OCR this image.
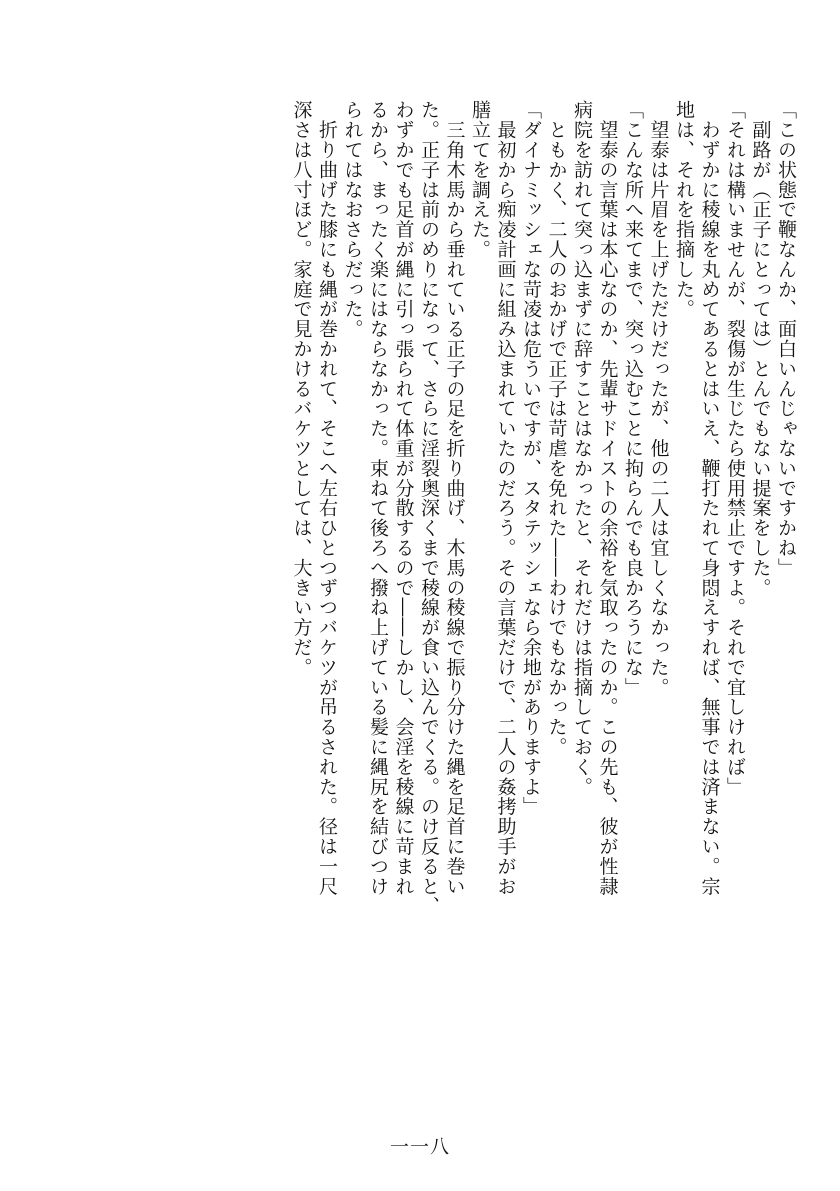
「この状態で鞭なんか、面白いんじゃないですかね」

　副路が（正子にとっては）とんでもない提案をした。

「それは構いませんが、裂傷が生じたら使用禁止ですよ。それで宜しければ」

　わずかに稜線を丸めてあるとはいえ、鞭打たれて身悶えすれば、無事では済まない。宗

地は、それを指摘した。

　望泰は片眉を上げただけだったが、他の二人は宜しくなかった。

「こんな所へ来てまで、突っ込むことに拘らんでも良かろうにな」

　望泰の言葉は本心なのか、先輩サドイストの余裕を気取ったのか。この先も、彼が性隷

病院を訪れて突っ込まずに辞すことはなかったと、それだけは指摘しておく。

　ともかく、二人のおかげで正子は苛虐を免れた――わけでもなかった。

「ダイナミッシェな苛凌は危ういですが、スタテッシェなら余地がありますよ」

　最初から痴凌計画に組み込まれていたのだろう。その言葉だけで、二人の姦拷助手がお

膳立てを調えた。

　三角木馬から垂れている正子の足を折り曲げ、木馬の稜線で振り分けた縄を足首に巻い

た。正子は前のめりになって、さらに淫裂奥深くまで稜線が食い込んでくる。のけ反ると、

わずかでも足首が縄に引っ張られて体重が分散するので――しかし、会淫を稜線に苛まれ

るから、まったく楽にはならなかった。束ねて後ろへ撥ね上げている髪に縄尻を結びつけ

られてはなおさらだった。

　折り曲げた膝にも縄が巻かれて、そこへ左右ひとつずつバケツが吊るされた。径は一尺

深さは八寸ほど。家庭で見かけるバケツとしては、大きい方だ。

一一八
